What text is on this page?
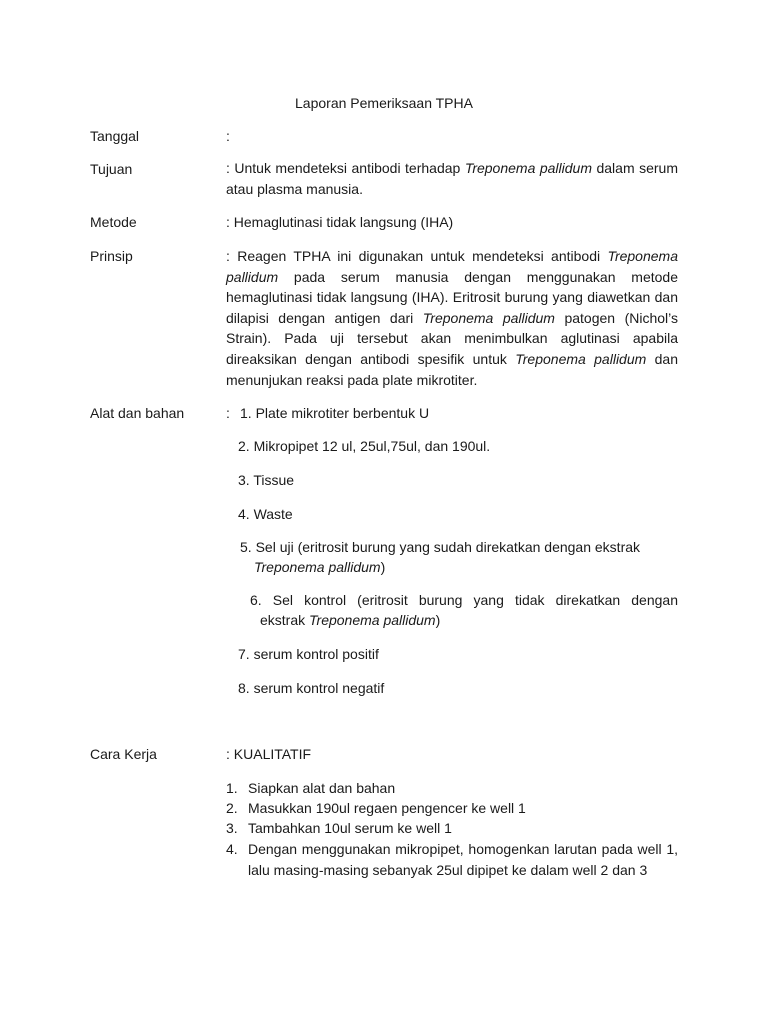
Laporan Pemeriksaan TPHA
Tanggal	:
Tujuan	: Untuk mendeteksi antibodi terhadap Treponema pallidum dalam serum atau plasma manusia.
Metode	: Hemaglutinasi tidak langsung (IHA)
Prinsip	: Reagen TPHA ini digunakan untuk mendeteksi antibodi Treponema pallidum pada serum manusia dengan menggunakan metode hemaglutinasi tidak langsung (IHA). Eritrosit burung yang diawetkan dan dilapisi dengan antigen dari Treponema pallidum patogen (Nichol’s Strain). Pada uji tersebut akan menimbulkan aglutinasi apabila direaksikan dengan antibodi spesifik untuk Treponema pallidum dan menunjukan reaksi pada plate mikrotiter.
Alat dan bahan	: 1. Plate mikrotiter berbentuk U
2. Mikropipet 12 ul, 25ul,75ul, dan 190ul.
3. Tissue
4. Waste
5. Sel uji (eritrosit burung yang sudah direkatkan dengan ekstrak
Treponema pallidum)
6. Sel kontrol (eritrosit burung yang tidak direkatkan dengan
ekstrak Treponema pallidum)
7. serum kontrol positif
8. serum kontrol negatif
Cara Kerja	: KUALITATIF
1. Siapkan alat dan bahan
2. Masukkan 190ul regaen pengencer ke well 1
3. Tambahkan 10ul serum ke well 1
4. Dengan menggunakan mikropipet, homogenkan larutan pada well 1, lalu masing-masing sebanyak 25ul dipipet ke dalam well 2 dan 3
